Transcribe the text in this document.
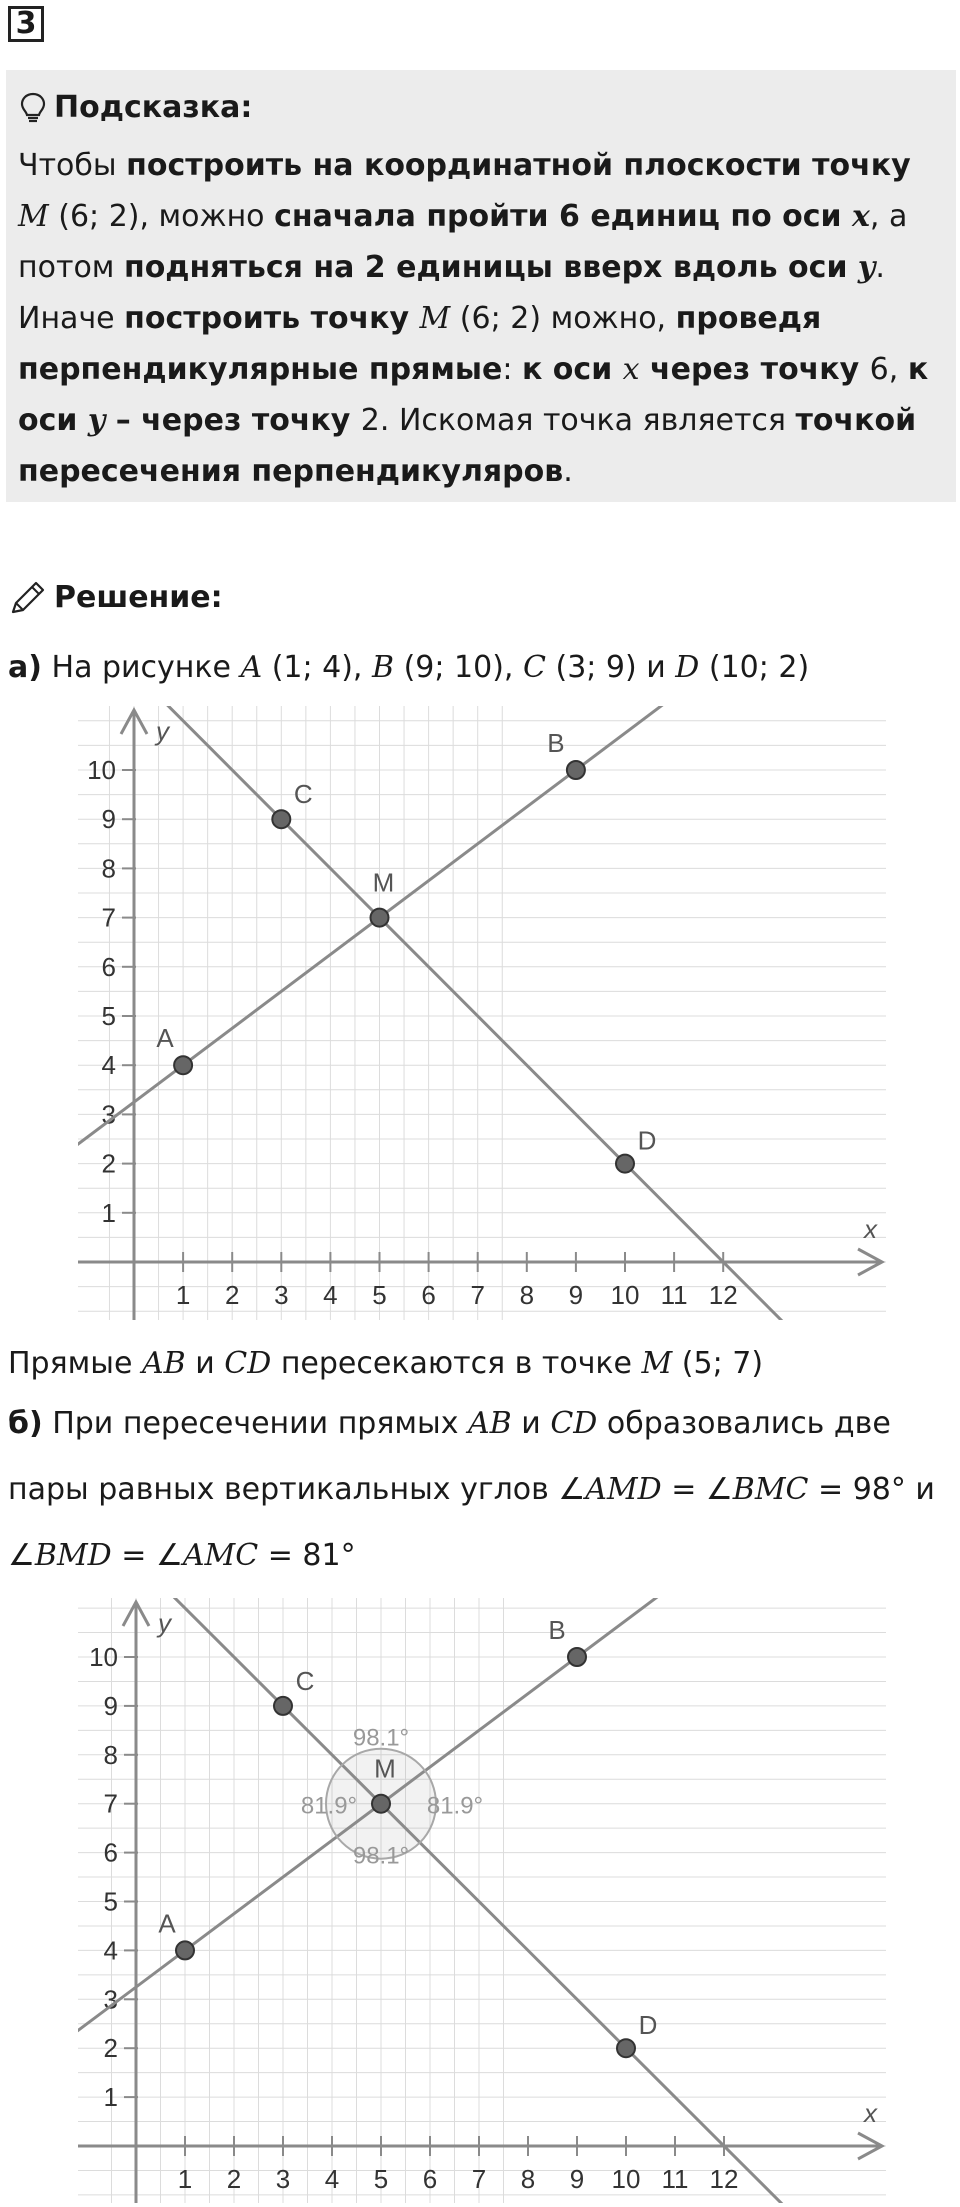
3
Подсказка:
Чтобы построить на координатной плоскости точку M (6; 2), можно сначала пройти 6 единиц по оси x, а потом подняться на 2 единицы вверх вдоль оси y.
Иначе построить точку M (6; 2) можно, проведя перпендикулярные прямые: к оси x через точку 6, к оси y – через точку 2. Искомая точка является точкой пересечения перпендикуляров.
Решение:
а) На рисунке A (1; 4), B (9; 10), C (3; 9) и D (10; 2)
x
y
1 2 3 4 5 6 7 8 9 10 11 12
1
2
3
4
5
6
7
8
9
10
A
B
C
D
M
Прямые AB и CD пересекаются в точке M (5; 7)
б) При пересечении прямых AB и CD образовались две
пары равных вертикальных углов ∠AMD = ∠BMC = 98° и
∠BMD = ∠AMC = 81°
x
y
1 2 3 4 5 6 7 8 9 10 11 12
1
2
3
4
5
6
7
8
9
10
98.1°
81.9°	81.9°
98.1°
A
B
C
D
M
